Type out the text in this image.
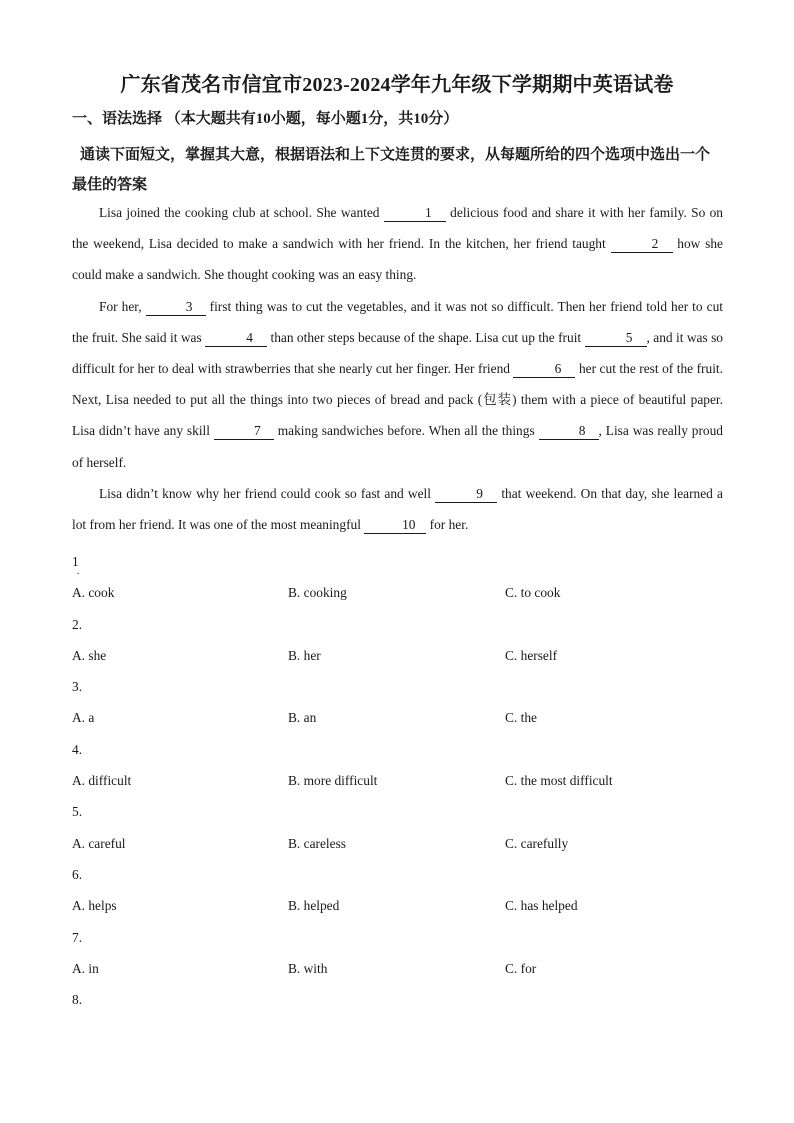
广东省茂名市信宜市2023-2024学年九年级下学期期中英语试卷
一、语法选择 （本大题共有10小题，每小题1分，共10分）
通读下面短文，掌握其大意，根据语法和上下文连贯的要求，从每题所给的四个选项中选出一个最佳的答案

Lisa joined the cooking club at school. She wanted	1 delicious food and share it with her family. So on the weekend, Lisa decided to make a sandwich with her friend. In the kitchen, her friend taught	2 how she could make a sandwich. She thought cooking was an easy thing.

For her,	3 first thing was to cut the vegetables, and it was not so difficult. Then her friend told her to cut the fruit. She said it was	4 than other steps because of the shape. Lisa cut up the fruit	5 , and it was so difficult for her to deal with strawberries that she nearly cut her finger. Her friend	6 her cut the rest of the fruit. Next, Lisa needed to put all the things into two pieces of bread and pack (包装) them with a piece of beautiful paper. Lisa didn’t have any skill	7 making sandwiches before. When all the things	8 , Lisa was really proud of herself.

Lisa didn’t know why her friend could cook so fast and well	9 that weekend. On that day, she learned a lot from her friend. It was one of the most meaningful	10 for her.

1
.
A. cook	B. cooking	C. to cook
2.
A. she	B. her	C. herself
3.
A. a	B. an	C. the
4.
A. difficult	B. more difficult	C. the most difficult
5.
A. careful	B. careless	C. carefully
6.
A. helps	B. helped	C. has helped
7.
A. in	B. with	C. for
8.
